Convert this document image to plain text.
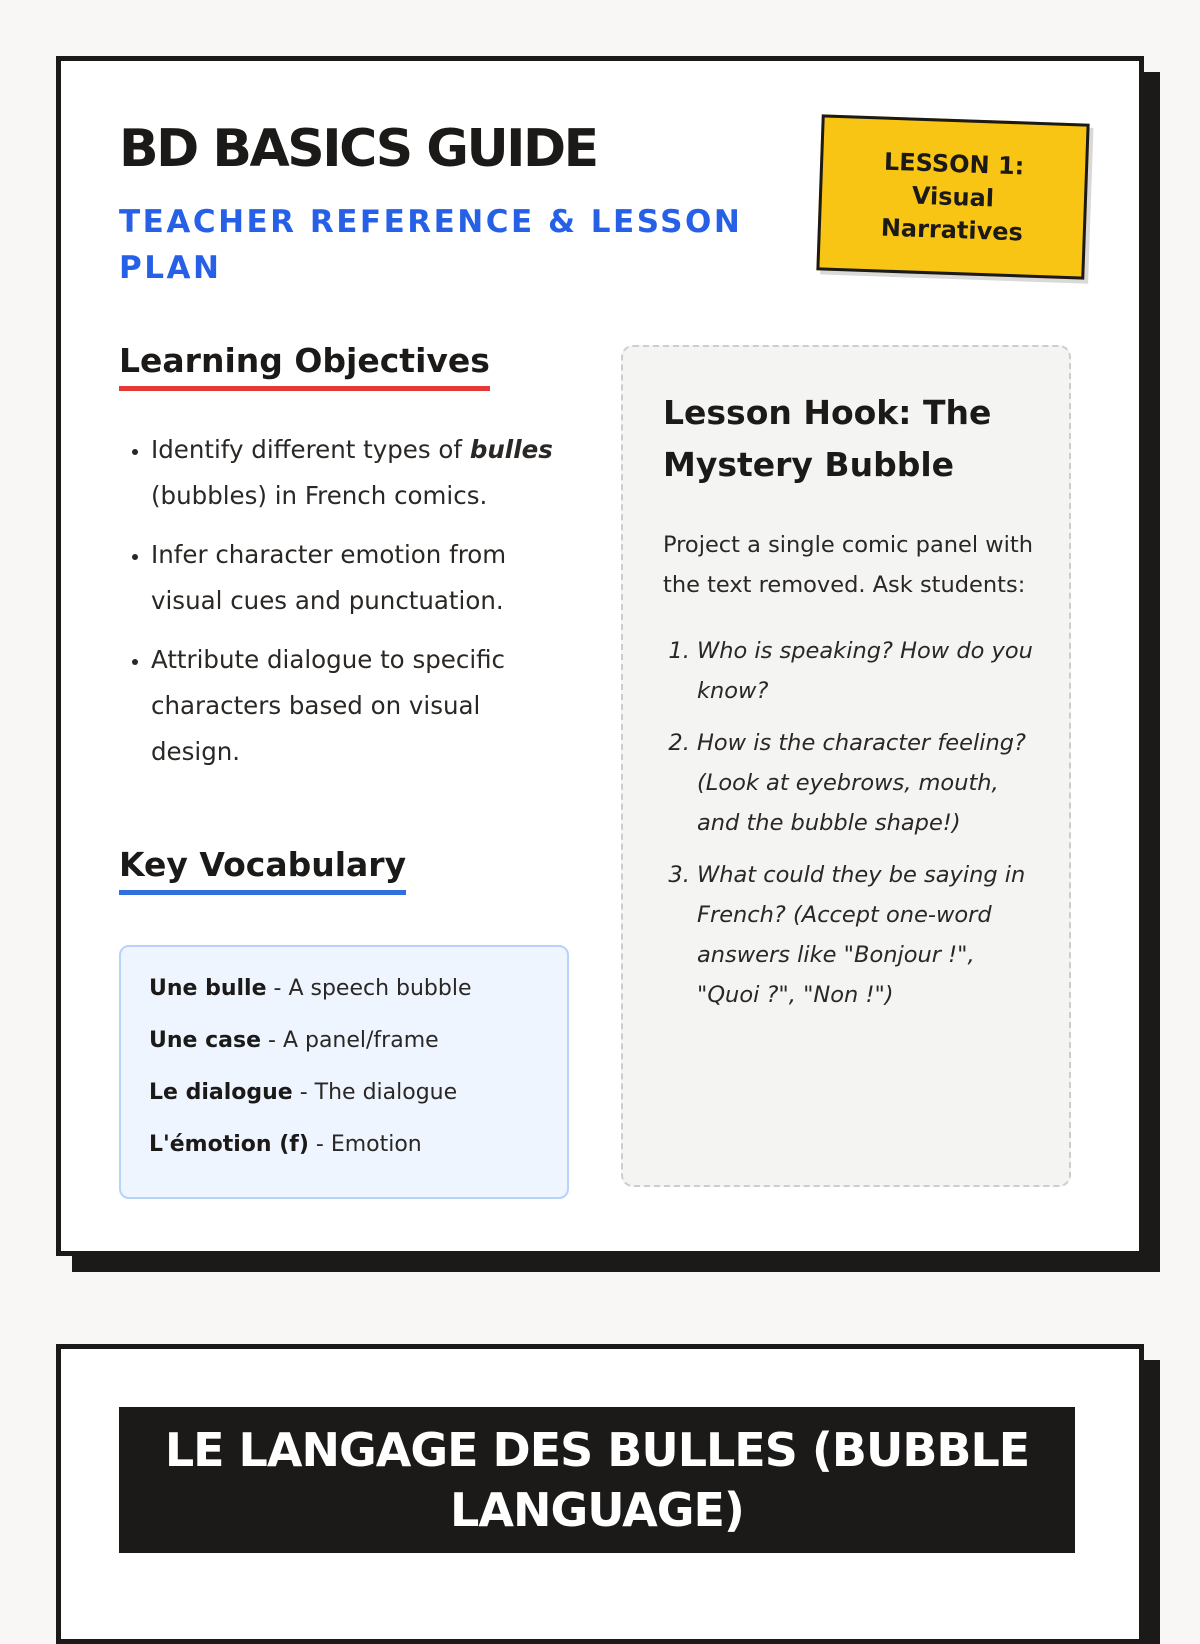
BD BASICS GUIDE

TEACHER REFERENCE & LESSON PLAN

LESSON 1: Visual Narratives
Learning Objectives
• Identify different types of bulles (bubbles) in French comics.
• Infer character emotion from visual cues and punctuation.
• Attribute dialogue to specific characters based on visual design.
Key Vocabulary
Une bulle - A speech bubble
Une case - A panel/frame
Le dialogue - The dialogue
L'émotion (f) - Emotion
Lesson Hook: The Mystery Bubble

Project a single comic panel with the text removed. Ask students:

1. Who is speaking? How do you know?
2. How is the character feeling? (Look at eyebrows, mouth, and the bubble shape!)
3. What could they be saying in French? (Accept one-word answers like "Bonjour !", "Quoi ?", "Non !")
LE LANGAGE DES BULLES (BUBBLE LANGUAGE)
